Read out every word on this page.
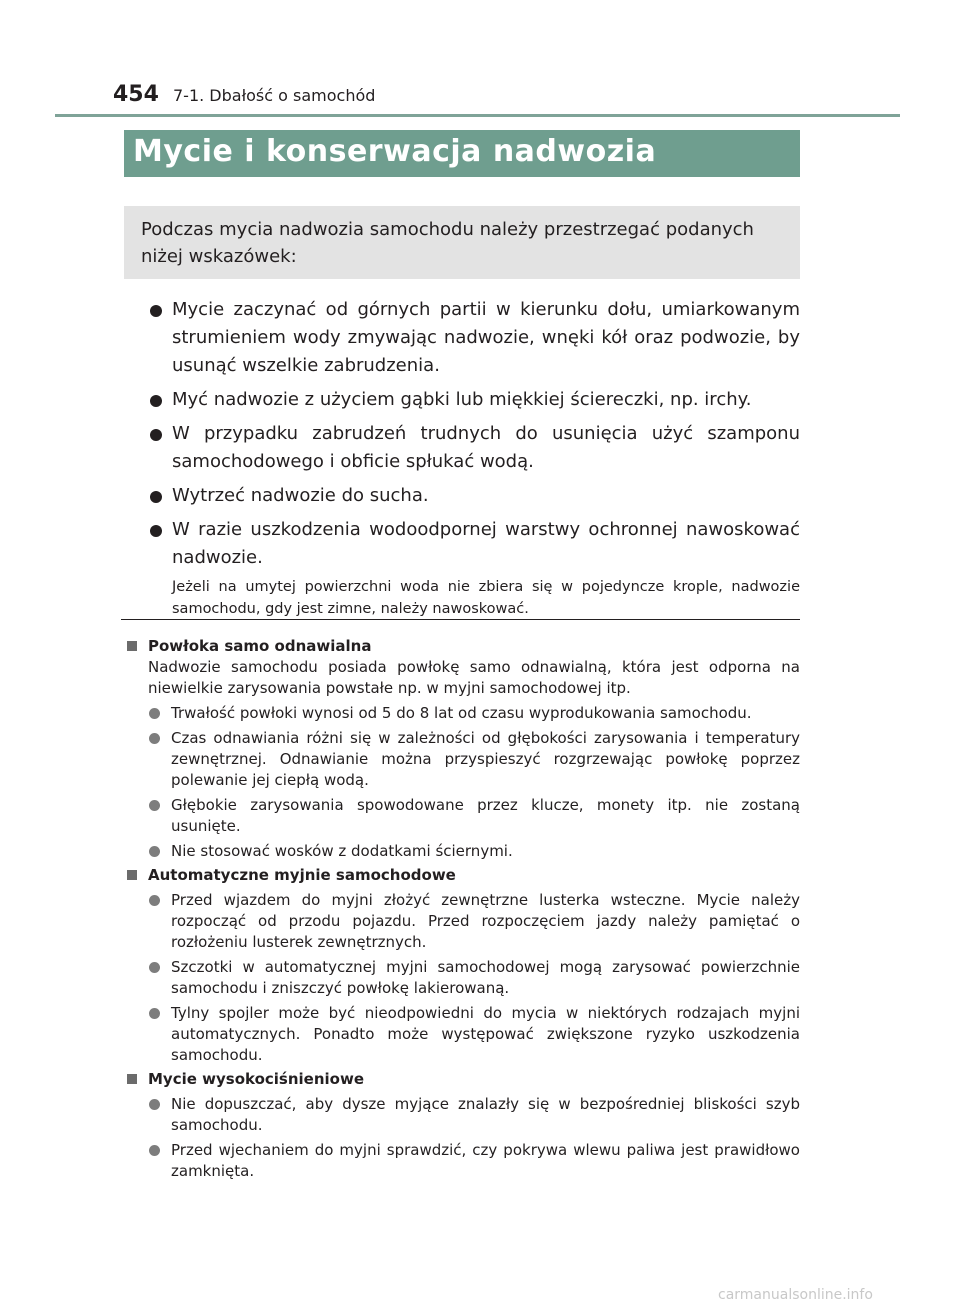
454 7-1. Dbałość o samochód
Mycie i konserwacja nadwozia
Podczas mycia nadwozia samochodu należy przestrzegać podanych niżej wskazówek:
Mycie zaczynać od górnych partii w kierunku dołu, umiarkowanym strumieniem wody zmywając nadwozie, wnęki kół oraz podwozie, by usunąć wszelkie zabrudzenia.
Myć nadwozie z użyciem gąbki lub miękkiej ściereczki, np. irchy.
W przypadku zabrudzeń trudnych do usunięcia użyć szamponu samochodowego i obficie spłukać wodą.
Wytrzeć nadwozie do sucha.
W razie uszkodzenia wodoodpornej warstwy ochronnej nawoskować nadwozie.
Jeżeli na umytej powierzchni woda nie zbiera się w pojedyncze krople, nadwozie samochodu, gdy jest zimne, należy nawoskować.
Powłoka samo odnawialna
Nadwozie samochodu posiada powłokę samo odnawialną, która jest odporna na niewielkie zarysowania powstałe np. w myjni samochodowej itp.
Trwałość powłoki wynosi od 5 do 8 lat od czasu wyprodukowania samochodu.
Czas odnawiania różni się w zależności od głębokości zarysowania i temperatury zewnętrznej. Odnawianie można przyspieszyć rozgrzewając powłokę poprzez polewanie jej ciepłą wodą.
Głębokie zarysowania spowodowane przez klucze, monety itp. nie zostaną usunięte.
Nie stosować wosków z dodatkami ściernymi.
Automatyczne myjnie samochodowe
Przed wjazdem do myjni złożyć zewnętrzne lusterka wsteczne. Mycie należy rozpocząć od przodu pojazdu. Przed rozpoczęciem jazdy należy pamiętać o rozłożeniu lusterek zewnętrznych.
Szczotki w automatycznej myjni samochodowej mogą zarysować powierzchnie samochodu i zniszczyć powłokę lakierowaną.
Tylny spojler może być nieodpowiedni do mycia w niektórych rodzajach myjni automatycznych. Ponadto może występować zwiększone ryzyko uszkodzenia samochodu.
Mycie wysokociśnieniowe
Nie dopuszczać, aby dysze myjące znalazły się w bezpośredniej bliskości szyb samochodu.
Przed wjechaniem do myjni sprawdzić, czy pokrywa wlewu paliwa jest prawidłowo zamknięta.
carmanualsonline.info
